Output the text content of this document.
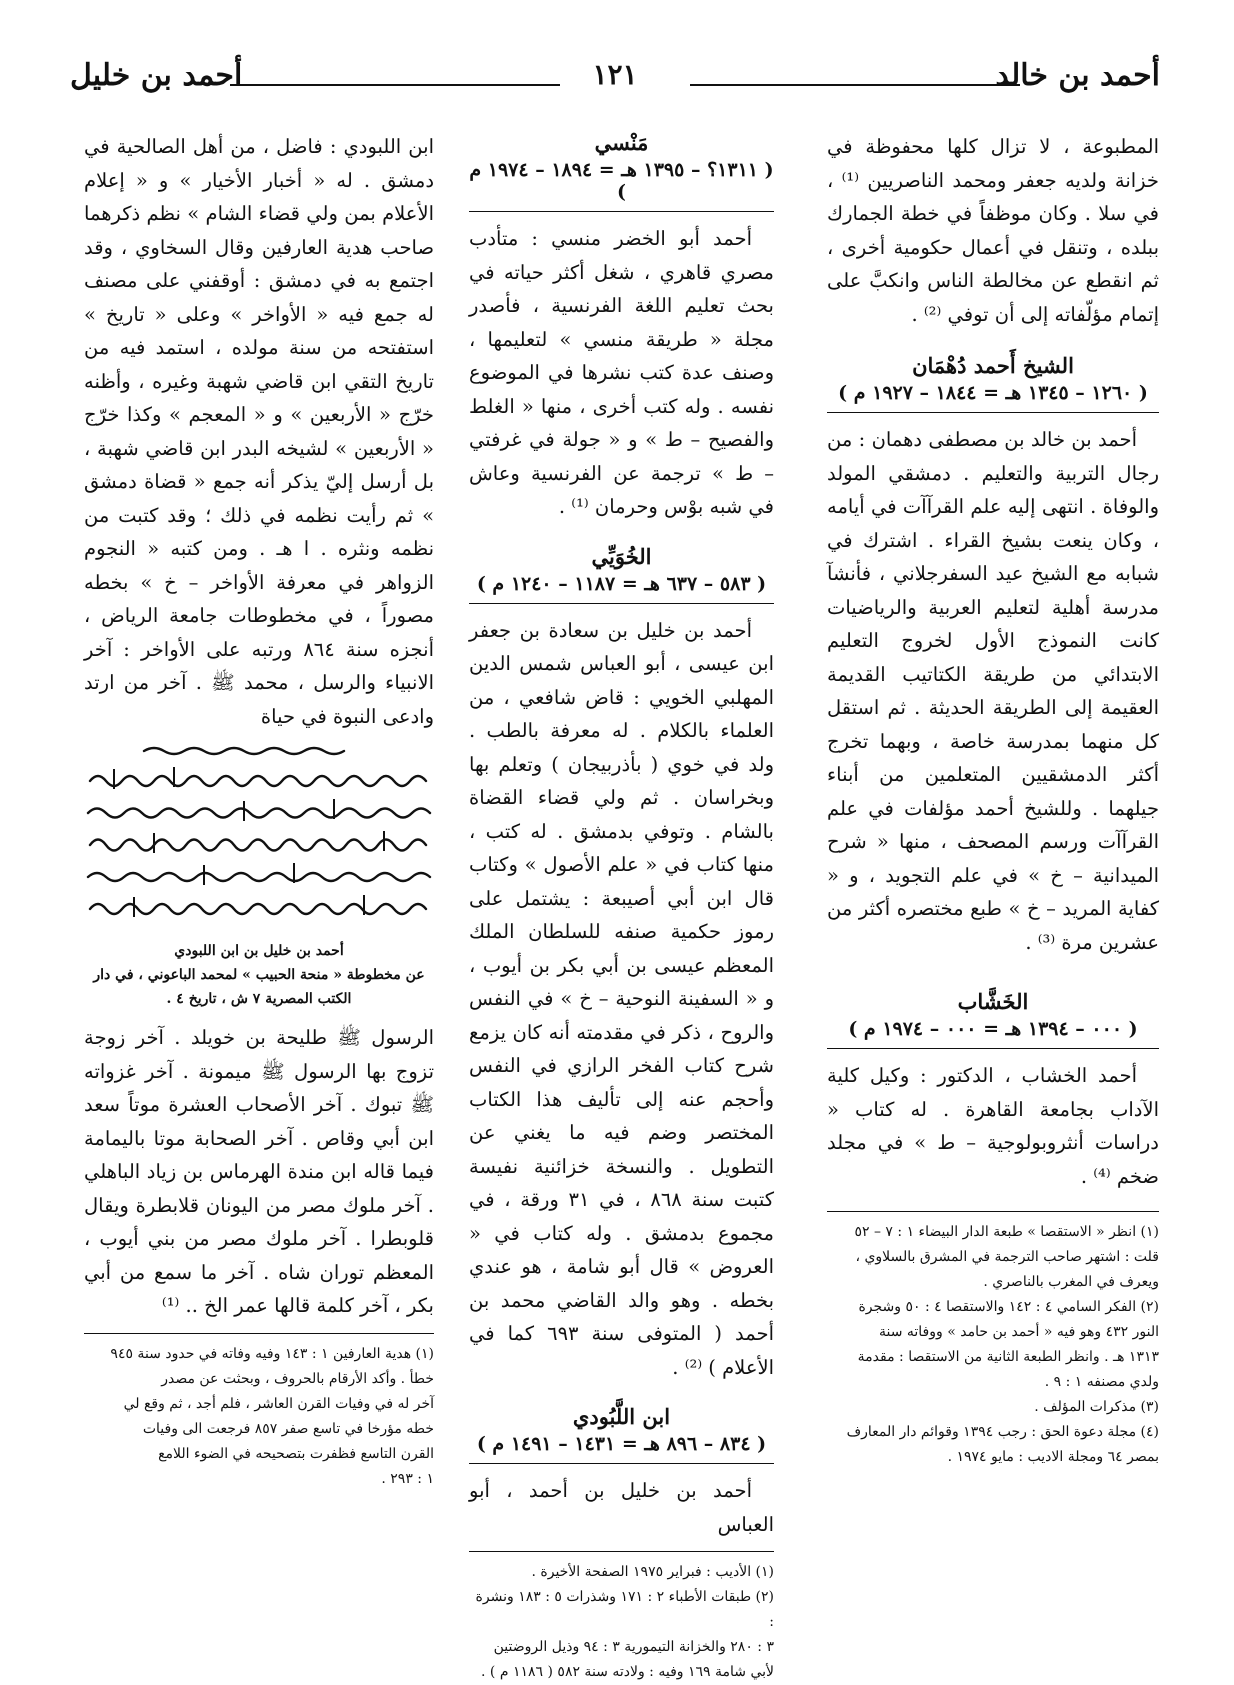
أحمد بن خالد
١٢١
أحمد بن خليل

المطبوعة ، لا تزال كلها محفوظة في خزانة ولديه جعفر ومحمد الناصريين ⁽¹⁾ ، في سلا . وكان موظفاً في خطة الجمارك ببلده ، وتنقل في أعمال حكومية أخرى ، ثم انقطع عن مخالطة الناس وانكبَّ على إتمام مؤلّفاته إلى أن توفي ⁽²⁾ .

الشيخ أَحمد دُهْمَان

( ١٢٦٠ – ١٣٤٥ هـ = ١٨٤٤ – ١٩٢٧ م )

أحمد بن خالد بن مصطفى دهمان : من رجال التربية والتعليم . دمشقي المولد والوفاة . انتهى إليه علم القرآآت في أيامه ، وكان ينعت بشيخ القراء . اشترك في شبابه مع الشيخ عيد السفرجلاني ، فأنشآ مدرسة أهلية لتعليم العربية والرياضيات كانت النموذج الأول لخروج التعليم الابتدائي من طريقة الكتاتيب القديمة العقيمة إلى الطريقة الحديثة . ثم استقل كل منهما بمدرسة خاصة ، وبهما تخرج أكثر الدمشقيين المتعلمين من أبناء جيلهما . وللشيخ أحمد مؤلفات في علم القرآآت ورسم المصحف ، منها « شرح الميدانية – خ » في علم التجويد ، و « كفاية المريد – خ » طبع مختصره أكثر من عشرين مرة ⁽³⁾ .

الخَشَّاب

( ٠٠٠ – ١٣٩٤ هـ = ٠٠٠ – ١٩٧٤ م )

أحمد الخشاب ، الدكتور : وكيل كلية الآداب بجامعة القاهرة . له كتاب « دراسات أنثروبولوجية – ط » في مجلد ضخم ⁽⁴⁾ .

(١) انظر « الاستقصا » طبعة الدار البيضاء ١ : ٧ – ٥٢
قلت : اشتهر صاحب الترجمة في المشرق بالسلاوي ،
ويعرف في المغرب بالناصري .
(٢) الفكر السامي ٤ : ١٤٢ والاستقصا ٤ : ٥٠ وشجرة
النور ٤٣٢ وهو فيه « أحمد بن حامد » ووفاته سنة
١٣١٣ هـ . وانظر الطبعة الثانية من الاستقصا : مقدمة
ولدي مصنفه ١ : ٩ .
(٣) مذكرات المؤلف .
(٤) مجلة دعوة الحق : رجب ١٣٩٤ وقوائم دار المعارف
بمصر ٦٤ ومجلة الاديب : مايو ١٩٧٤ .

مَنْسي

( ١٣١١؟ – ١٣٩٥ هـ = ١٨٩٤ – ١٩٧٤ م )

أحمد أبو الخضر منسي : متأدب مصري قاهري ، شغل أكثر حياته في بحث تعليم اللغة الفرنسية ، فأصدر مجلة « طريقة منسي » لتعليمها ، وصنف عدة كتب نشرها في الموضوع نفسه . وله كتب أخرى ، منها « الغلط والفصيح – ط » و « جولة في غرفتي – ط » ترجمة عن الفرنسية وعاش في شبه بوْس وحرمان ⁽¹⁾ .

الخُوَيِّي

( ٥٨٣ – ٦٣٧ هـ = ١١٨٧ – ١٢٤٠ م )

أحمد بن خليل بن سعادة بن جعفر ابن عيسى ، أبو العباس شمس الدين المهلبي الخويي : قاض شافعي ، من العلماء بالكلام . له معرفة بالطب . ولد في خوي ( بأذربيجان ) وتعلم بها وبخراسان . ثم ولي قضاء القضاة بالشام . وتوفي بدمشق . له كتب ، منها كتاب في « علم الأصول » وكتاب قال ابن أبي أصيبعة : يشتمل على رموز حكمية صنفه للسلطان الملك المعظم عيسى بن أبي بكر بن أيوب ، و « السفينة النوحية – خ » في النفس والروح ، ذكر في مقدمته أنه كان يزمع شرح كتاب الفخر الرازي في النفس وأحجم عنه إلى تأليف هذا الكتاب المختصر وضم فيه ما يغني عن التطويل . والنسخة خزائنية نفيسة كتبت سنة ٨٦٨ ، في ٣١ ورقة ، في مجموع بدمشق . وله كتاب في « العروض » قال أبو شامة ، هو عندي بخطه . وهو والد القاضي محمد بن أحمد ( المتوفى سنة ٦٩٣ كما في الأعلام ) ⁽²⁾ .

ابن اللَّبُودي

( ٨٣٤ – ٨٩٦ هـ = ١٤٣١ – ١٤٩١ م )

أحمد بن خليل بن أحمد ، أبو العباس

(١) الأديب : فبراير ١٩٧٥ الصفحة الأخيرة .
(٢) طبقات الأطباء ٢ : ١٧١ وشذرات ٥ : ١٨٣ ونشرة :
٣ : ٢٨٠ والخزانة التيمورية ٣ : ٩٤ وذيل الروضتين
لأبي شامة ١٦٩ وفيه : ولادته سنة ٥٨٢ ( ١١٨٦ م ) .

ابن اللبودي : فاضل ، من أهل الصالحية في دمشق . له « أخبار الأخيار » و « إعلام الأعلام بمن ولي قضاء الشام » نظم ذكرهما صاحب هدية العارفين وقال السخاوي ، وقد اجتمع به في دمشق : أوقفني على مصنف له جمع فيه « الأواخر » وعلى « تاريخ » استفتحه من سنة مولده ، استمد فيه من تاريخ التقي ابن قاضي شهبة وغيره ، وأظنه خرّج « الأربعين » و « المعجم » وكذا خرّج « الأربعين » لشيخه البدر ابن قاضي شهبة ، بل أرسل إليّ يذكر أنه جمع « قضاة دمشق » ثم رأيت نظمه في ذلك ؛ وقد كتبت من نظمه ونثره . ا هـ . ومن كتبه « النجوم الزواهر في معرفة الأواخر – خ » بخطه مصوراً ، في مخطوطات جامعة الرياض ، أنجزه سنة ٨٦٤ ورتبه على الأواخر : آخر الانبياء والرسل ، محمد ﷺ . آخر من ارتد وادعى النبوة في حياة

أحمد بن خليل بن ابن اللبودي
عن مخطوطة « منحة الحبيب » لمحمد الباعوني ، في دار الكتب المصرية ٧ ش ، تاريخ ٤ .

الرسول ﷺ طليحة بن خويلد . آخر زوجة تزوج بها الرسول ﷺ ميمونة . آخر غزواته ﷺ تبوك . آخر الأصحاب العشرة موتاً سعد ابن أبي وقاص . آخر الصحابة موتا باليمامة فيما قاله ابن مندة الهرماس بن زياد الباهلي . آخر ملوك مصر من اليونان قلابطرة ويقال قلوبطرا . آخر ملوك مصر من بني أيوب ، المعظم توران شاه . آخر ما سمع من أبي بكر ، آخر كلمة قالها عمر الخ .. ⁽¹⁾

(١) هدية العارفين ١ : ١٤٣ وفيه وفاته في حدود سنة ٩٤٥
خطأ . وأكد الأرقام بالحروف ، وبحثت عن مصدر
آخر له في وفيات القرن العاشر ، فلم أجد ، ثم وقع لي
خطه مؤرخا في تاسع صفر ٨٥٧ فرجعت الى وفيات
القرن التاسع فظفرت بتصحيحه في الضوء اللامع
١ : ٢٩٣ .
